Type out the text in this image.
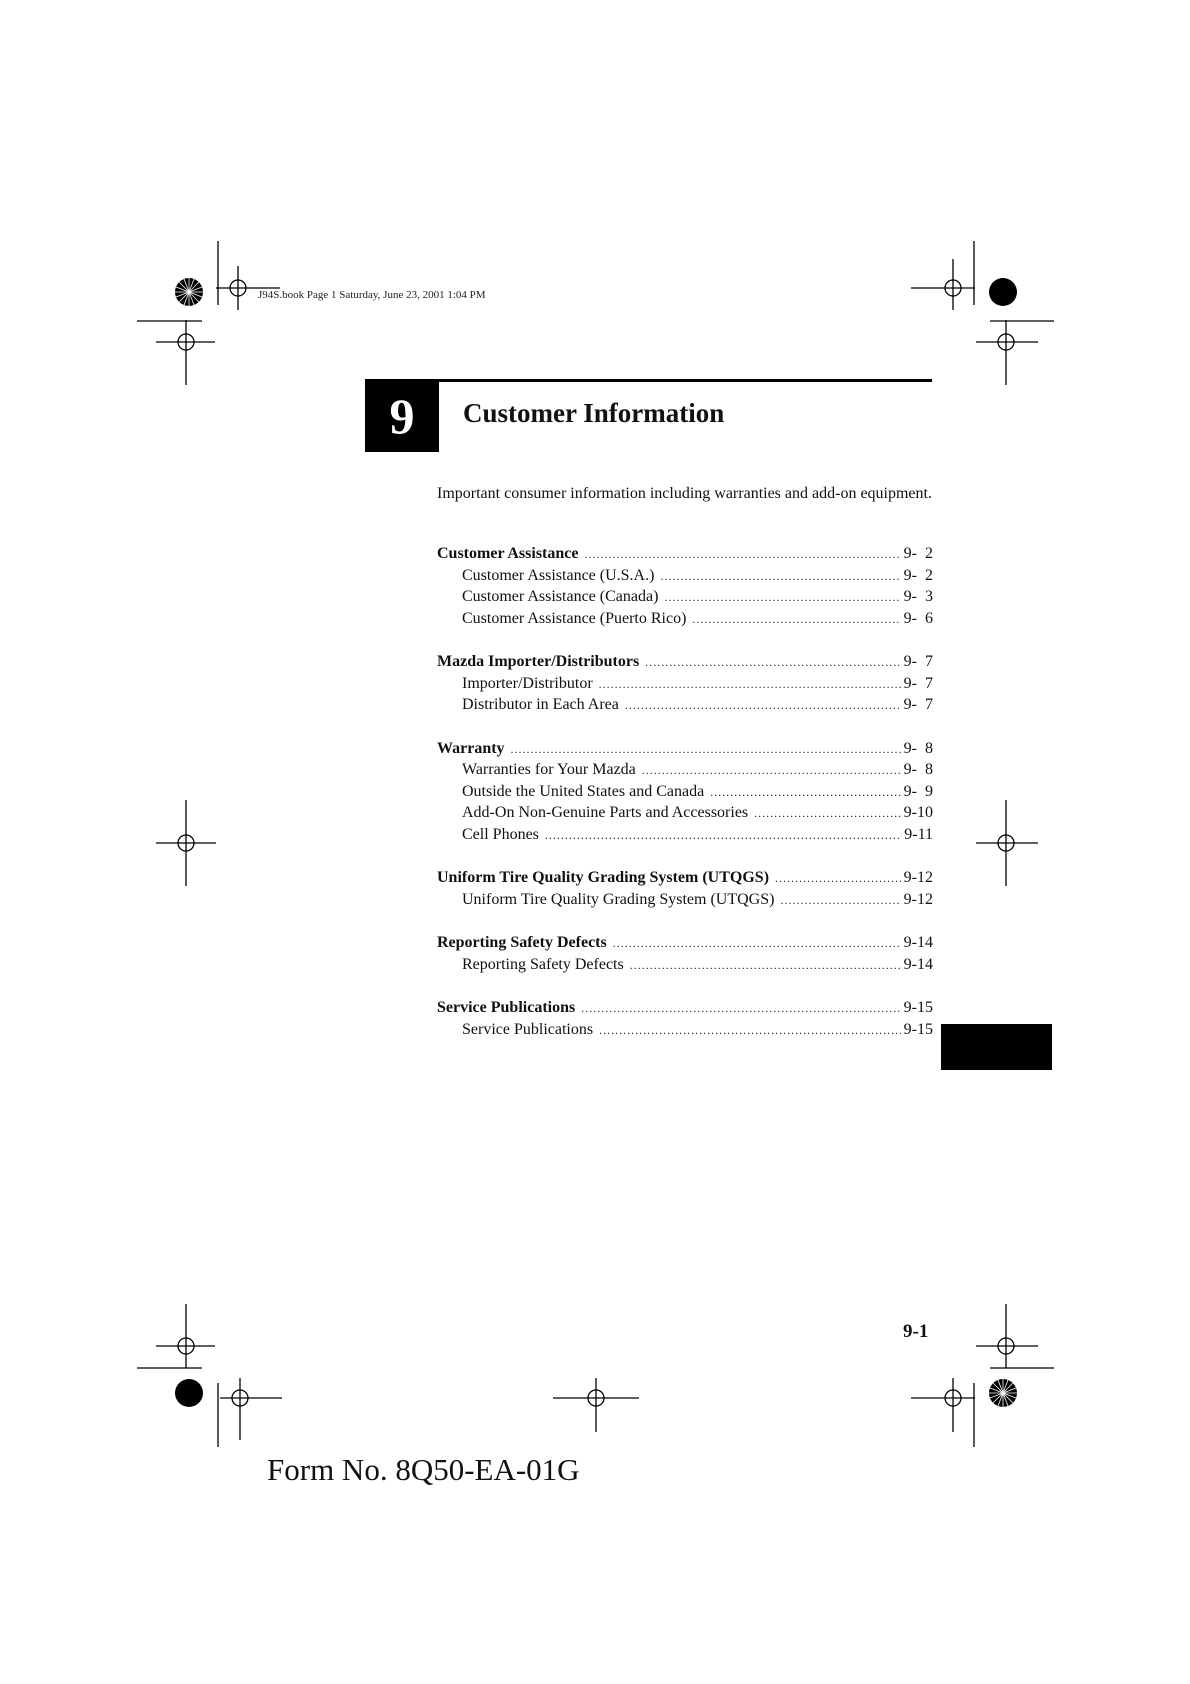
J94S.book Page 1 Saturday, June 23, 2001 1:04 PM
9 Customer Information
Important consumer information including warranties and add-on equipment.
Customer Assistance .....	9-  2
Customer Assistance (U.S.A.) .....	9-  2
Customer Assistance (Canada) .....	9-  3
Customer Assistance (Puerto Rico) .....	9-  6
Mazda Importer/Distributors .....	9-  7
Importer/Distributor .....	9-  7
Distributor in Each Area .....	9-  7
Warranty .....	9-  8
Warranties for Your Mazda .....	9-  8
Outside the United States and Canada .....	9-  9
Add-On Non-Genuine Parts and Accessories .....	9-10
Cell Phones .....	9-11
Uniform Tire Quality Grading System (UTQGS) .....	9-12
Uniform Tire Quality Grading System (UTQGS) .....	9-12
Reporting Safety Defects .....	9-14
Reporting Safety Defects .....	9-14
Service Publications .....	9-15
Service Publications .....	9-15
9-1
Form No. 8Q50-EA-01G
